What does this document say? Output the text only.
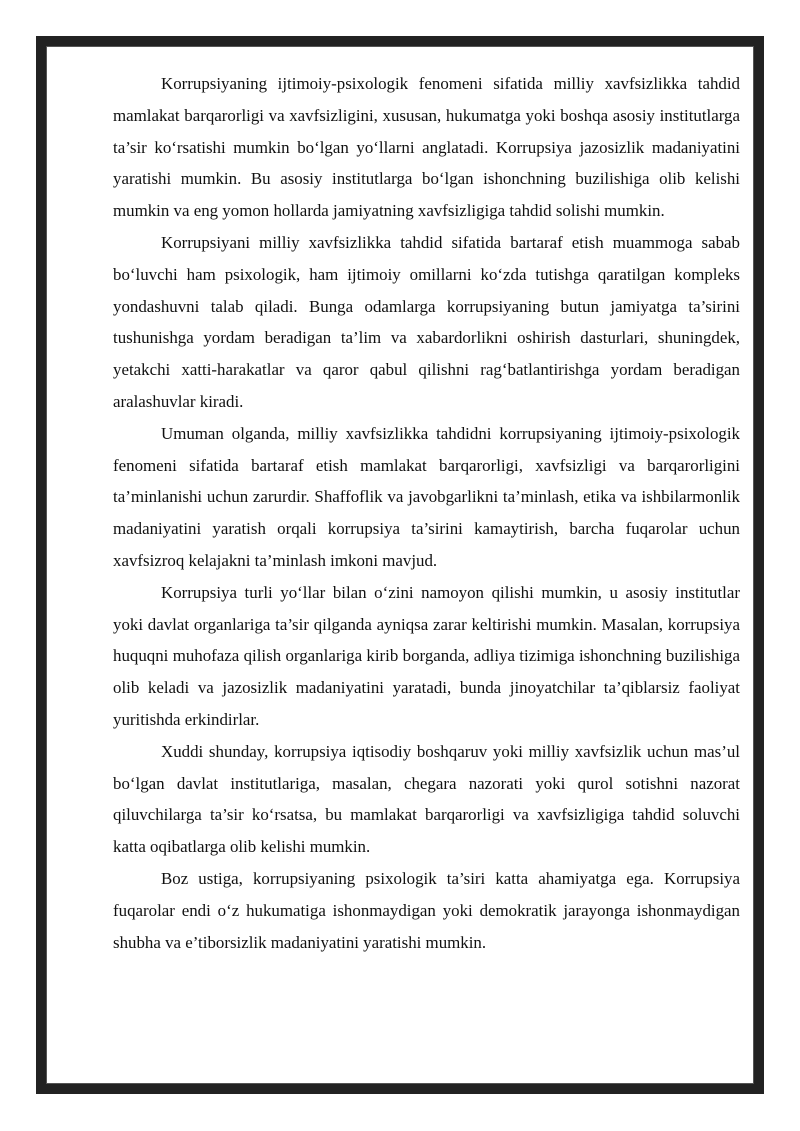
Korrupsiyaning ijtimoiy-psixologik fenomeni sifatida milliy xavfsizlikka tahdid mamlakat barqarorligi va xavfsizligini, xususan, hukumatga yoki boshqa asosiy institutlarga ta’sir ko‘rsatishi mumkin bo‘lgan yo‘llarni anglatadi. Korrupsiya jazosizlik madaniyatini yaratishi mumkin. Bu asosiy institutlarga bo‘lgan ishonchning buzilishiga olib kelishi mumkin va eng yomon hollarda jamiyatning xavfsizligiga tahdid solishi mumkin.

Korrupsiyani milliy xavfsizlikka tahdid sifatida bartaraf etish muammoga sabab bo‘luvchi ham psixologik, ham ijtimoiy omillarni ko‘zda tutishga qaratilgan kompleks yondashuvni talab qiladi. Bunga odamlarga korrupsiyaning butun jamiyatga ta’sirini tushunishga yordam beradigan ta’lim va xabardorlikni oshirish dasturlari, shuningdek, yetakchi xatti-harakatlar va qaror qabul qilishni rag‘batlantirishga yordam beradigan aralashuvlar kiradi.

Umuman olganda, milliy xavfsizlikka tahdidni korrupsiyaning ijtimoiy-psixologik fenomeni sifatida bartaraf etish mamlakat barqarorligi, xavfsizligi va barqarorligini ta’minlanishi uchun zarurdir. Shaffoflik va javobgarlikni ta’minlash, etika va ishbilarmonlik madaniyatini yaratish orqali korrupsiya ta’sirini kamaytirish, barcha fuqarolar uchun xavfsizroq kelajakni ta’minlash imkoni mavjud.

Korrupsiya turli yo‘llar bilan o‘zini namoyon qilishi mumkin, u asosiy institutlar yoki davlat organlariga ta’sir qilganda ayniqsa zarar keltirishi mumkin. Masalan, korrupsiya huquqni muhofaza qilish organlariga kirib borganda, adliya tizimiga ishonchning buzilishiga olib keladi va jazosizlik madaniyatini yaratadi, bunda jinoyatchilar ta’qiblarsiz faoliyat yuritishda erkindirlar.

Xuddi shunday, korrupsiya iqtisodiy boshqaruv yoki milliy xavfsizlik uchun mas’ul bo‘lgan davlat institutlariga, masalan, chegara nazorati yoki qurol sotishni nazorat qiluvchilarga ta’sir ko‘rsatsa, bu mamlakat barqarorligi va xavfsizligiga tahdid soluvchi katta oqibatlarga olib kelishi mumkin.

Boz ustiga, korrupsiyaning psixologik ta’siri katta ahamiyatga ega. Korrupsiya fuqarolar endi o‘z hukumatiga ishonmaydigan yoki demokratik jarayonga ishonmaydigan shubha va e’tiborsizlik madaniyatini yaratishi mumkin.
